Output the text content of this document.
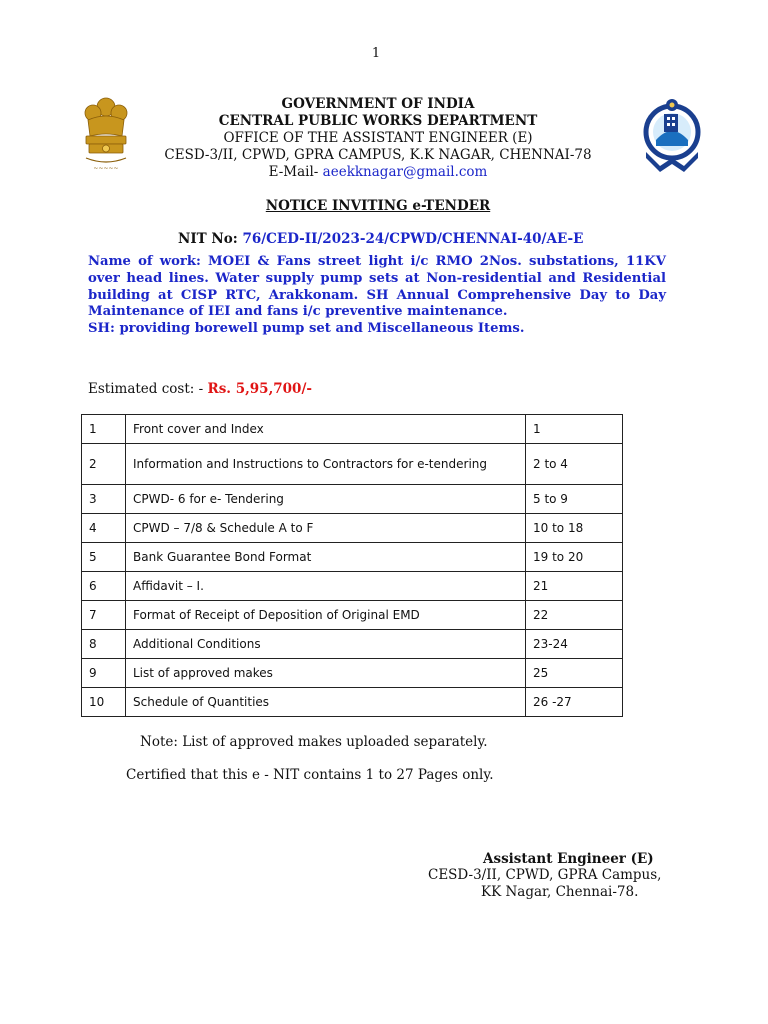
1
~~~~~
GOVERNMENT OF INDIA
CENTRAL PUBLIC WORKS DEPARTMENT
OFFICE OF THE ASSISTANT ENGINEER (E)
CESD-3/II, CPWD, GPRA CAMPUS, K.K NAGAR, CHENNAI-78
E-Mail- aeekknagar@gmail.com
NOTICE INVITING e-TENDER
NIT No: 76/CED-II/2023-24/CPWD/CHENNAI-40/AE-E

Name of work: MOEI & Fans street light i/c RMO 2Nos. substations, 11KV over head lines. Water supply pump sets at Non-residential and Residential building at CISP RTC, Arakkonam. SH Annual Comprehensive Day to Day Maintenance of IEI and fans i/c preventive maintenance.

SH: providing borewell pump set and Miscellaneous Items.

Estimated cost: - Rs. 5,95,700/-
1	Front cover and Index	1
2	Information and Instructions to Contractors for e-tendering	2 to 4
3	CPWD- 6 for e- Tendering	5 to 9
4	CPWD – 7/8 & Schedule A to F	10 to 18
5	Bank Guarantee Bond Format	19 to 20
6	Affidavit – I.	21
7	Format of Receipt of Deposition of Original EMD	22
8	Additional Conditions	23-24
9	List of approved makes	25
10	Schedule of Quantities	26 -27
Note: List of approved makes uploaded separately.
Certified that this e - NIT contains 1 to 27 Pages only.
Assistant Engineer (E)
CESD-3/II, CPWD, GPRA Campus,
KK Nagar, Chennai-78.
